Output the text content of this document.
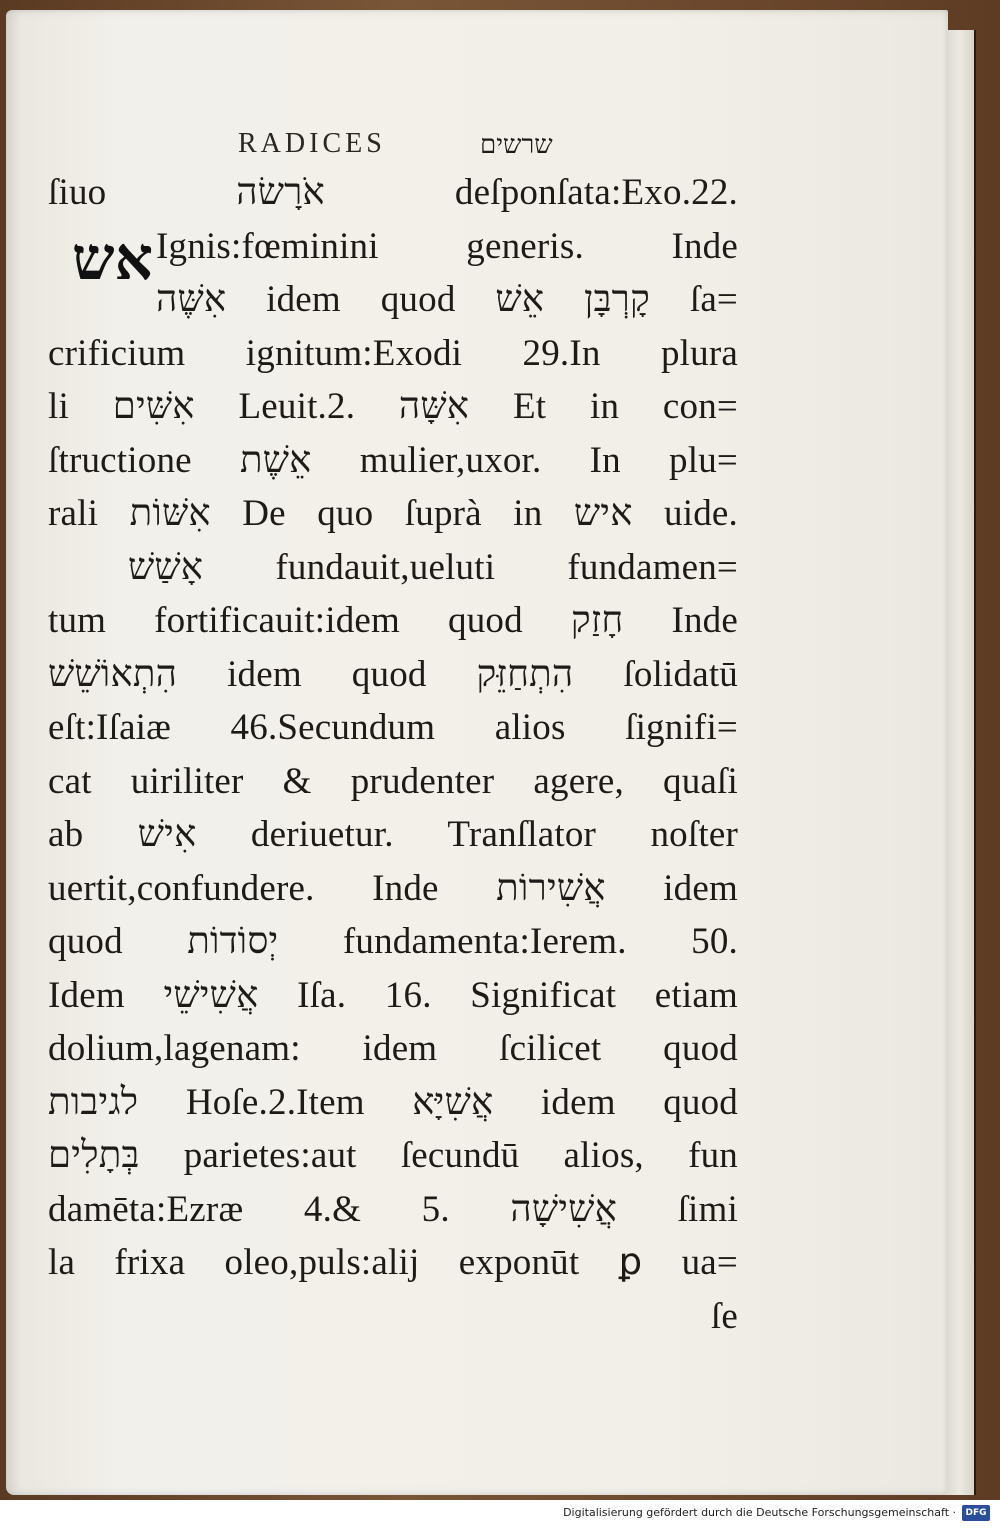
RADICES	שרשים
ſiuo אֹרָשׂה deſponſata:Exo.22.
Ignis:fœminini generis. Inde
אִשֶּׁה idem quod קָרְבָּן אֵשׁ ſa=
crificium ignitum:Exodi 29.In plura
li אִשִּׁים Leuit.2. אִשָּׁה Et in con=
ſtructione אֵשֶׁת mulier,uxor. In plu=
rali אִשּׁוֹת De quo ſuprà in איש uide.
אָשַׁשׁ fundauit,ueluti fundamen=
tum fortificauit:idem quod חָזַק Inde
הִתְאוֹשֵׁשׁ idem quod הִתְחַזֵּק ſolidatū
eſt:Iſaiæ 46.Secundum alios ſignifi=
cat uiriliter & prudenter agere, quaſi
ab אִישׁ deriuetur. Tranſlator noſter
uertit,confundere. Inde אֲשִׁירוֹת idem
quod יְסוֹדוֹת fundamenta:Ierem. 50.
Idem אֲשִׁישֵׁי Iſa. 16. Significat etiam
dolium,lagenam: idem ſcilicet quod
לגיבות Hoſe.2.Item אֲשִׁיָּא idem quod
בְּתָלִים parietes:aut ſecundū alios, fun
damēta:Ezræ 4.& 5. אֲשִׁישָׁה ſimi
la frixa oleo,puls:alij exponūt ꝑ ua=
ſe
אש
Digitalisierung gefördert durch die Deutsche Forschungsgemeinschaft ·	DFG
